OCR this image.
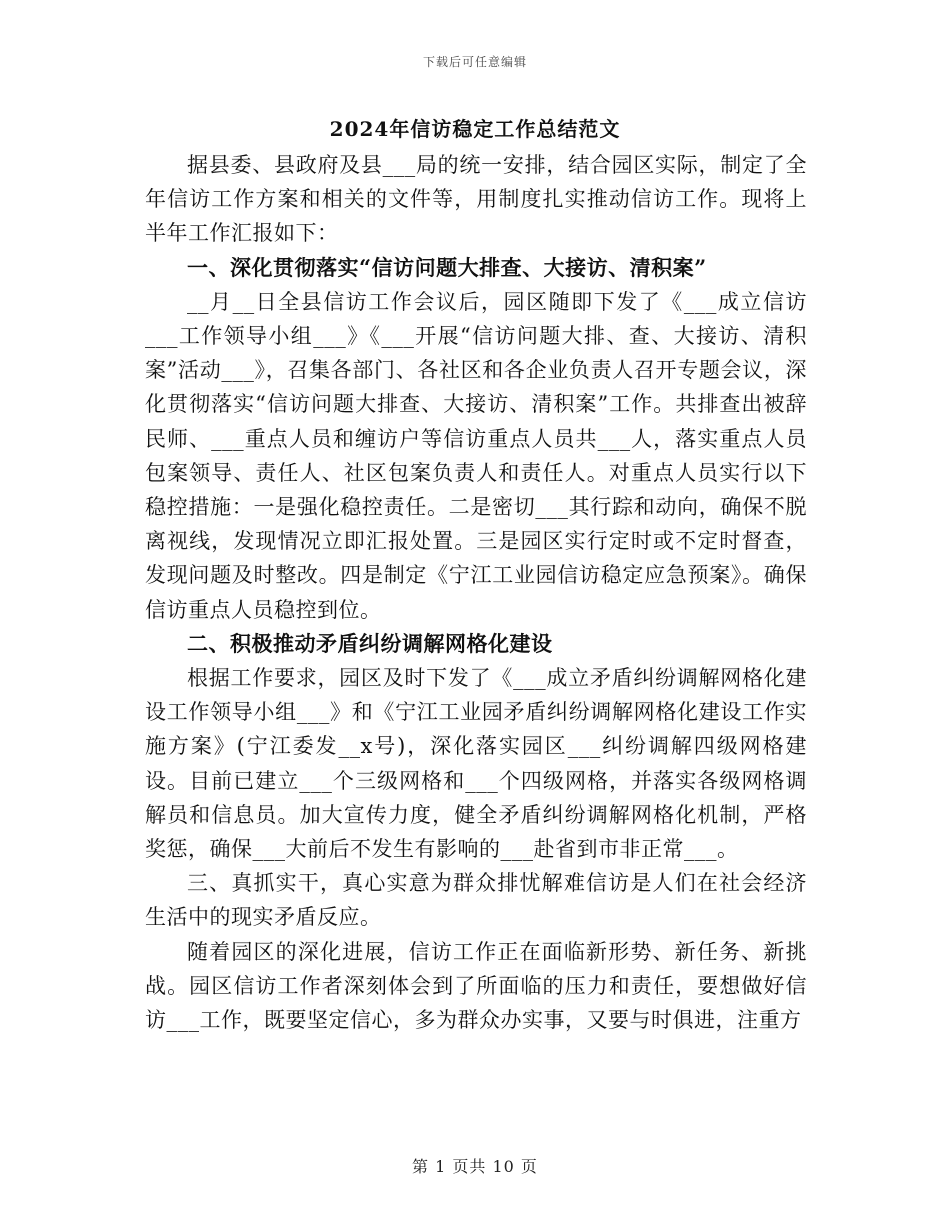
下载后可任意编辑
2024年信访稳定工作总结范文

据县委、县政府及县___局的统一安排，结合园区实际，制定了全年信访工作方案和相关的文件等，用制度扎实推动信访工作。现将上半年工作汇报如下：

一、深化贯彻落实“信访问题大排查、大接访、清积案”

__月__日全县信访工作会议后，园区随即下发了《___成立信访___工作领导小组___》《___开展“信访问题大排、查、大接访、清积案”活动___》，召集各部门、各社区和各企业负责人召开专题会议，深化贯彻落实“信访问题大排查、大接访、清积案”工作。共排查出被辞民师、___重点人员和缠访户等信访重点人员共___人，落实重点人员包案领导、责任人、社区包案负责人和责任人。对重点人员实行以下稳控措施：一是强化稳控责任。二是密切___其行踪和动向，确保不脱离视线，发现情况立即汇报处置。三是园区实行定时或不定时督查，发现问题及时整改。四是制定《宁江工业园信访稳定应急预案》。确保信访重点人员稳控到位。

二、积极推动矛盾纠纷调解网格化建设

根据工作要求，园区及时下发了《___成立矛盾纠纷调解网格化建设工作领导小组___》和《宁江工业园矛盾纠纷调解网格化建设工作实施方案》(宁江委发__x号)，深化落实园区___纠纷调解四级网格建设。目前已建立___个三级网格和___个四级网格，并落实各级网格调解员和信息员。加大宣传力度，健全矛盾纠纷调解网格化机制，严格奖惩，确保___大前后不发生有影响的___赴省到市非正常___。

三、真抓实干，真心实意为群众排忧解难信访是人们在社会经济生活中的现实矛盾反应。

随着园区的深化进展，信访工作正在面临新形势、新任务、新挑战。园区信访工作者深刻体会到了所面临的压力和责任，要想做好信访___工作，既要坚定信心，多为群众办实事，又要与时俱进，注重方

第 1 页共 10 页
